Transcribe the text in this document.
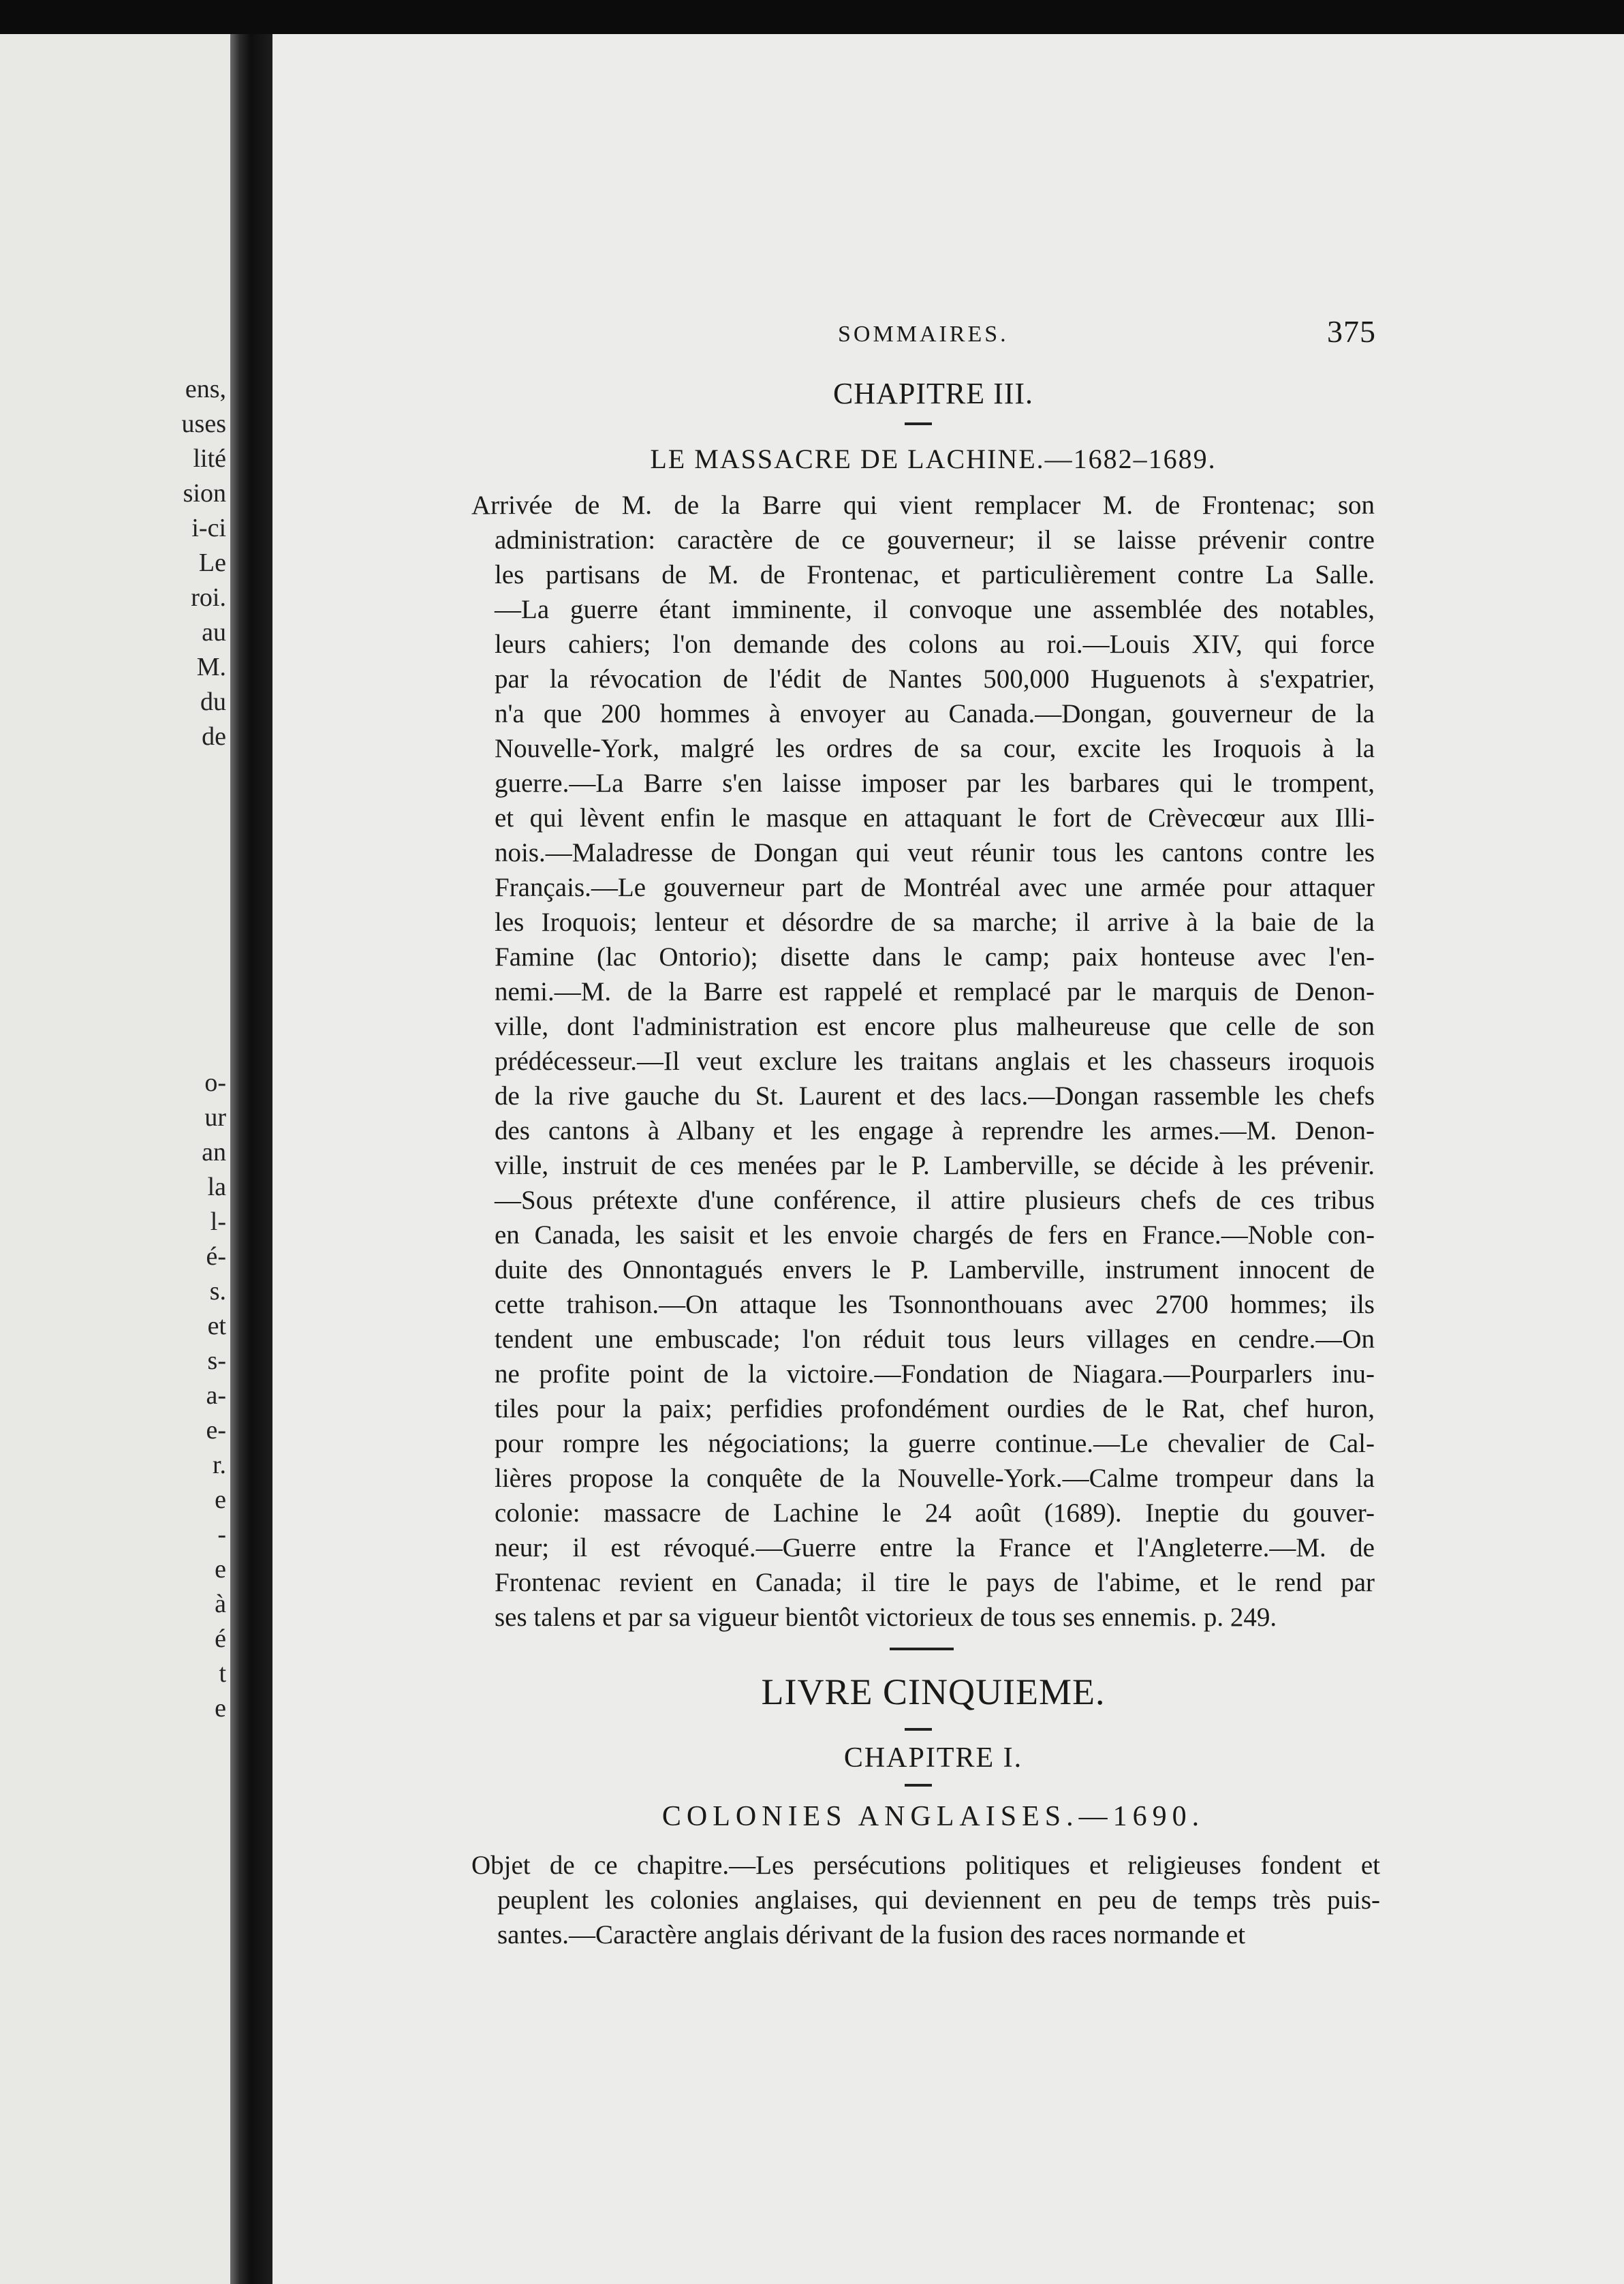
ens,
uses
lité
sion
i-ci
Le
roi.
au
M.
du
de
o-
ur
an
la
l-
é-
s.
et
s-
a-
e-
r.
e
-
e
à
é
t
e
SOMMAIRES.	375
CHAPITRE III.
LE MASSACRE DE LACHINE.—1682–1689.
Arrivée de M. de la Barre qui vient remplacer M. de Frontenac; son
administration: caractère de ce gouverneur; il se laisse prévenir contre
les partisans de M. de Frontenac, et particulièrement contre La Salle.
—La guerre étant imminente, il convoque une assemblée des notables,
leurs cahiers; l'on demande des colons au roi.—Louis XIV, qui force
par la révocation de l'édit de Nantes 500,000 Huguenots à s'expatrier,
n'a que 200 hommes à envoyer au Canada.—Dongan, gouverneur de la
Nouvelle-York, malgré les ordres de sa cour, excite les Iroquois à la
guerre.—La Barre s'en laisse imposer par les barbares qui le trompent,
et qui lèvent enfin le masque en attaquant le fort de Crèvecœur aux Illi-
nois.—Maladresse de Dongan qui veut réunir tous les cantons contre les
Français.—Le gouverneur part de Montréal avec une armée pour attaquer
les Iroquois; lenteur et désordre de sa marche; il arrive à la baie de la
Famine (lac Ontorio); disette dans le camp; paix honteuse avec l'en-
nemi.—M. de la Barre est rappelé et remplacé par le marquis de Denon-
ville, dont l'administration est encore plus malheureuse que celle de son
prédécesseur.—Il veut exclure les traitans anglais et les chasseurs iroquois
de la rive gauche du St. Laurent et des lacs.—Dongan rassemble les chefs
des cantons à Albany et les engage à reprendre les armes.—M. Denon-
ville, instruit de ces menées par le P. Lamberville, se décide à les prévenir.
—Sous prétexte d'une conférence, il attire plusieurs chefs de ces tribus
en Canada, les saisit et les envoie chargés de fers en France.—Noble con-
duite des Onnontagués envers le P. Lamberville, instrument innocent de
cette trahison.—On attaque les Tsonnonthouans avec 2700 hommes; ils
tendent une embuscade; l'on réduit tous leurs villages en cendre.—On
ne profite point de la victoire.—Fondation de Niagara.—Pourparlers inu-
tiles pour la paix; perfidies profondément ourdies de le Rat, chef huron,
pour rompre les négociations; la guerre continue.—Le chevalier de Cal-
lières propose la conquête de la Nouvelle-York.—Calme trompeur dans la
colonie: massacre de Lachine le 24 août (1689). Ineptie du gouver-
neur; il est révoqué.—Guerre entre la France et l'Angleterre.—M. de
Frontenac revient en Canada; il tire le pays de l'abime, et le rend par
ses talens et par sa vigueur bientôt victorieux de tous ses ennemis. p. 249.
LIVRE CINQUIEME.
CHAPITRE I.
COLONIES ANGLAISES.—1690.
Objet de ce chapitre.—Les persécutions politiques et religieuses fondent et
peuplent les colonies anglaises, qui deviennent en peu de temps très puis-
santes.—Caractère anglais dérivant de la fusion des races normande et
